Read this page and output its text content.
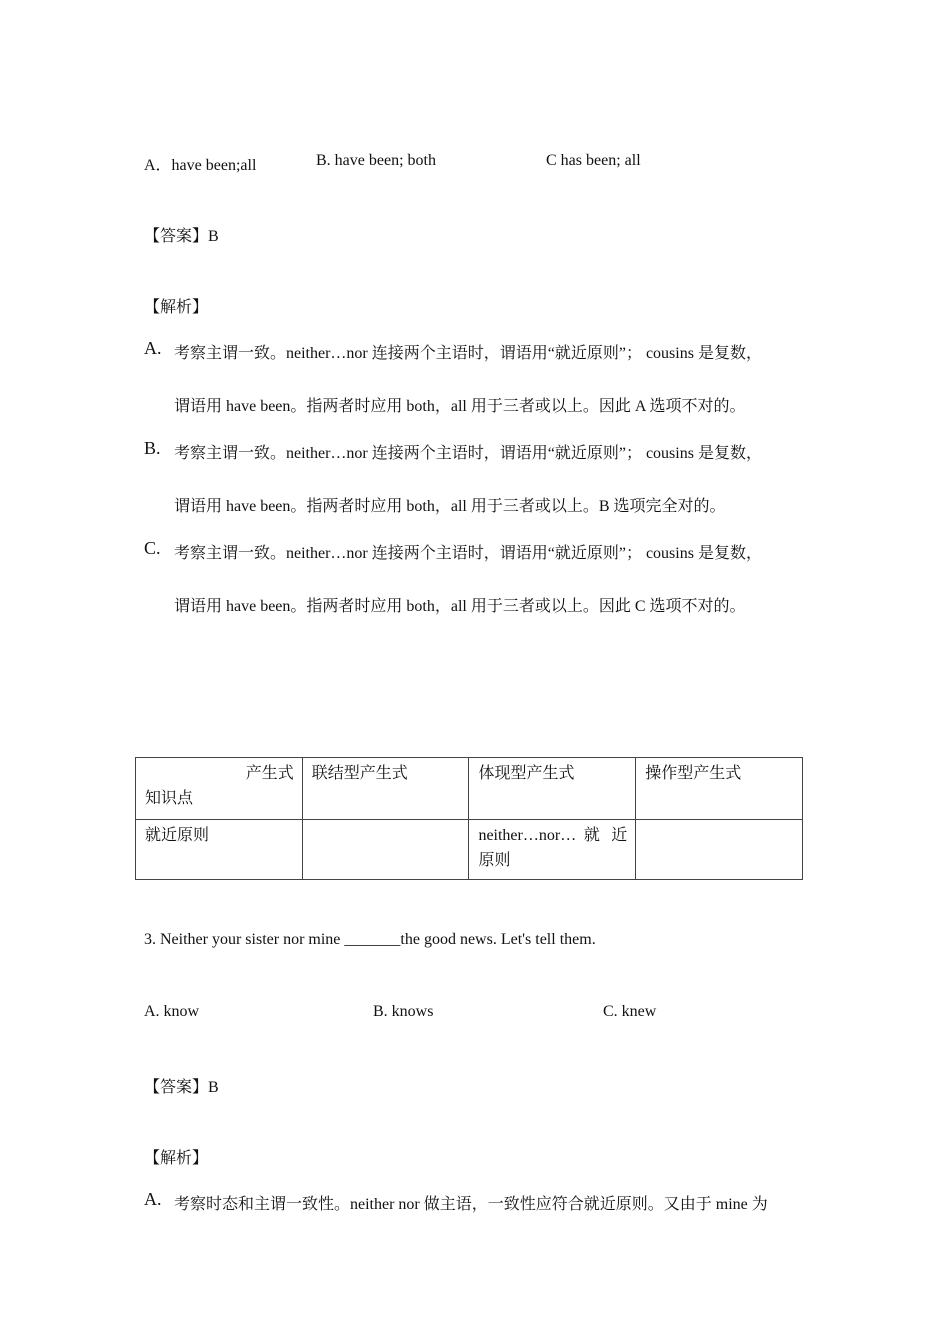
A．have been;all	B. have been; both	C has been; all
【答案】B
【解析】
A. 考察主谓一致。neither…nor 连接两个主语时，谓语用“就近原则”； cousins 是复数，
谓语用 have been。指两者时应用 both，all 用于三者或以上。因此 A 选项不对的。
B. 考察主谓一致。neither…nor 连接两个主语时，谓语用“就近原则”； cousins 是复数，
谓语用 have been。指两者时应用 both，all 用于三者或以上。B 选项完全对的。
C. 考察主谓一致。neither…nor 连接两个主语时，谓语用“就近原则”； cousins 是复数，
谓语用 have been。指两者时应用 both，all 用于三者或以上。因此 C 选项不对的。
产生式
知识点	联结型产生式	体现型产生式	操作型产生式
就近原则		neither…nor… 就 近 原则	
3. Neither your sister nor mine _______the good news. Let's tell them.
A. know	B. knows	C. knew
【答案】B
【解析】
A. 考察时态和主谓一致性。neither nor 做主语，一致性应符合就近原则。又由于 mine 为
